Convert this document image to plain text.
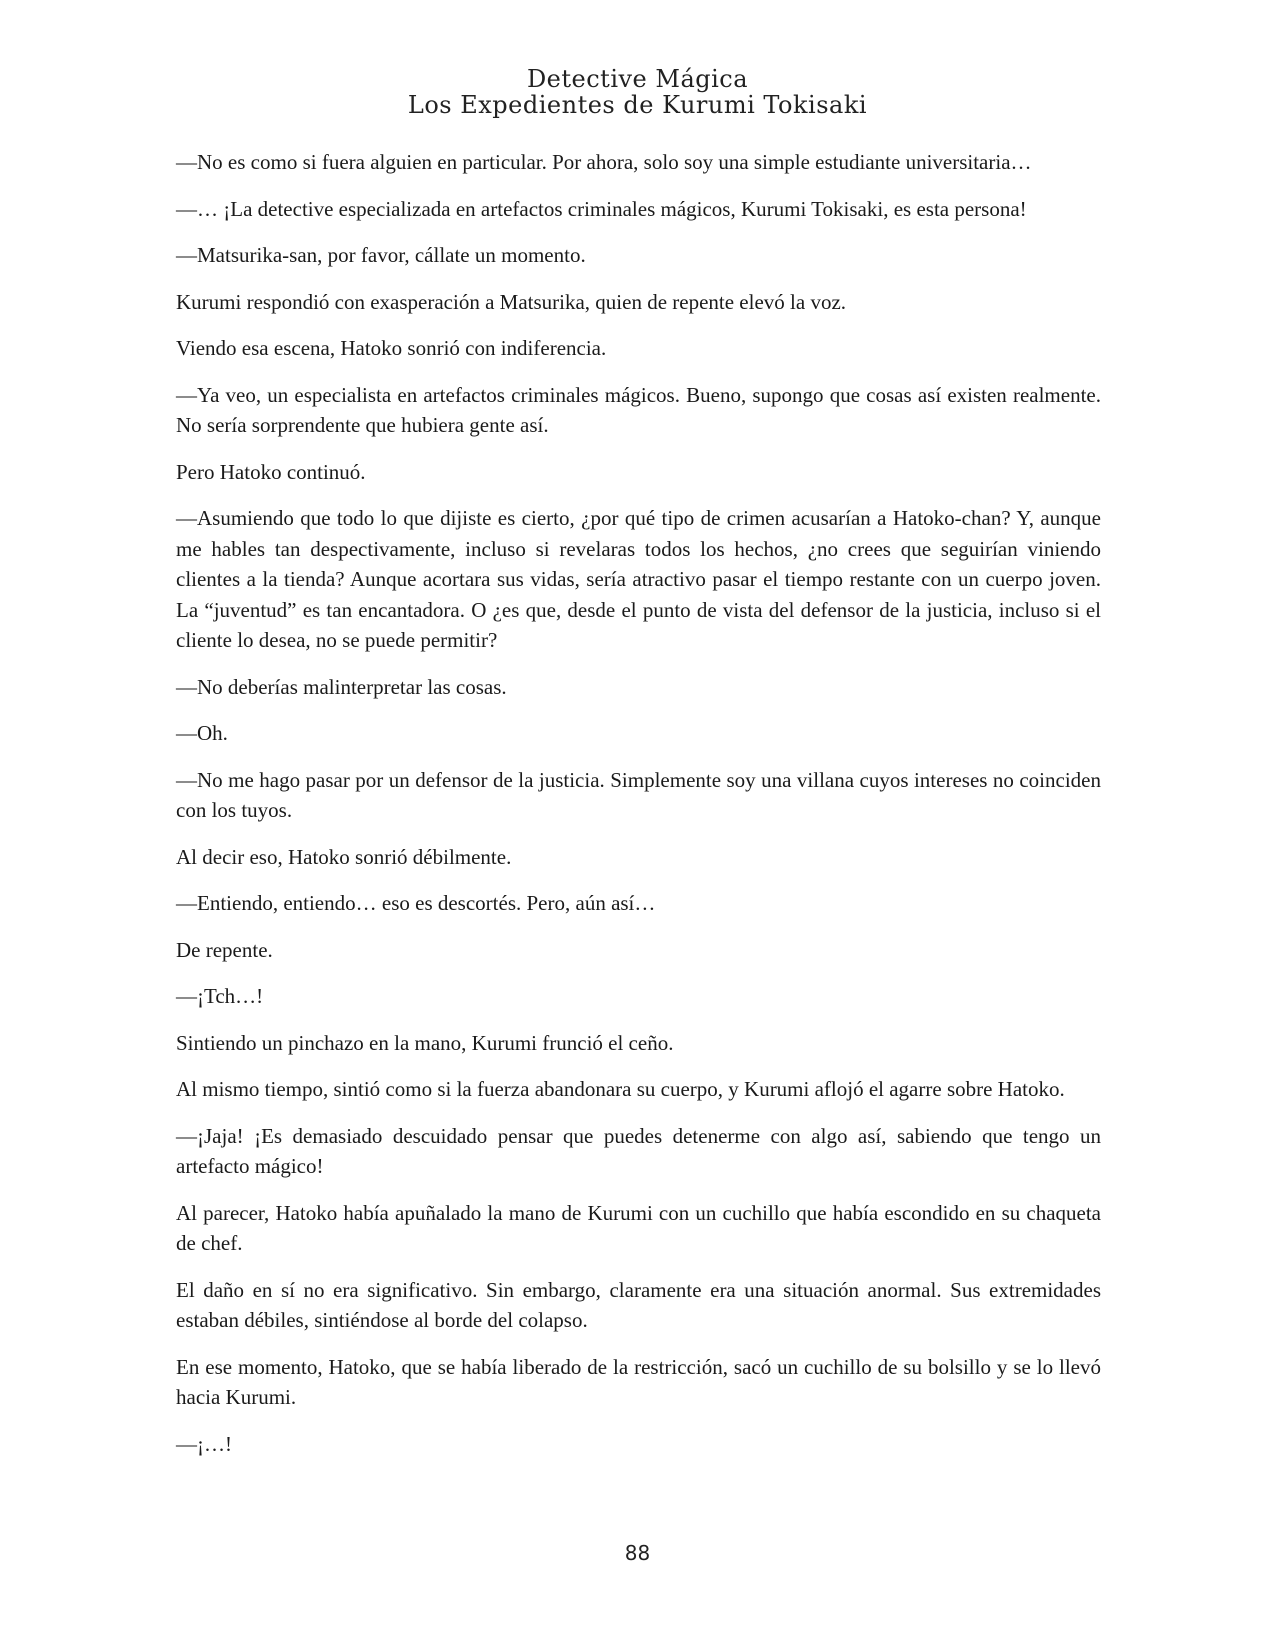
Detective Mágica
Los Expedientes de Kurumi Tokisaki

—No es como si fuera alguien en particular. Por ahora, solo soy una simple estudiante universitaria…

—… ¡La detective especializada en artefactos criminales mágicos, Kurumi Tokisaki, es esta persona!

—Matsurika-san, por favor, cállate un momento.

Kurumi respondió con exasperación a Matsurika, quien de repente elevó la voz.

Viendo esa escena, Hatoko sonrió con indiferencia.

—Ya veo, un especialista en artefactos criminales mágicos. Bueno, supongo que cosas así existen realmente. No sería sorprendente que hubiera gente así.

Pero Hatoko continuó.

—Asumiendo que todo lo que dijiste es cierto, ¿por qué tipo de crimen acusarían a Hatoko-chan? Y, aunque me hables tan despectivamente, incluso si revelaras todos los hechos, ¿no crees que seguirían viniendo clientes a la tienda? Aunque acortara sus vidas, sería atractivo pasar el tiempo restante con un cuerpo joven. La “juventud” es tan encantadora. O ¿es que, desde el punto de vista del defensor de la justicia, incluso si el cliente lo desea, no se puede permitir?

—No deberías malinterpretar las cosas.

—Oh.

—No me hago pasar por un defensor de la justicia. Simplemente soy una villana cuyos intereses no coinciden con los tuyos.

Al decir eso, Hatoko sonrió débilmente.

—Entiendo, entiendo… eso es descortés. Pero, aún así…

De repente.

—¡Tch…!

Sintiendo un pinchazo en la mano, Kurumi frunció el ceño.

Al mismo tiempo, sintió como si la fuerza abandonara su cuerpo, y Kurumi aflojó el agarre sobre Hatoko.

—¡Jaja! ¡Es demasiado descuidado pensar que puedes detenerme con algo así, sabiendo que tengo un artefacto mágico!

Al parecer, Hatoko había apuñalado la mano de Kurumi con un cuchillo que había escondido en su chaqueta de chef.

El daño en sí no era significativo. Sin embargo, claramente era una situación anormal. Sus extremidades estaban débiles, sintiéndose al borde del colapso.

En ese momento, Hatoko, que se había liberado de la restricción, sacó un cuchillo de su bolsillo y se lo llevó hacia Kurumi.

—¡…!

88
